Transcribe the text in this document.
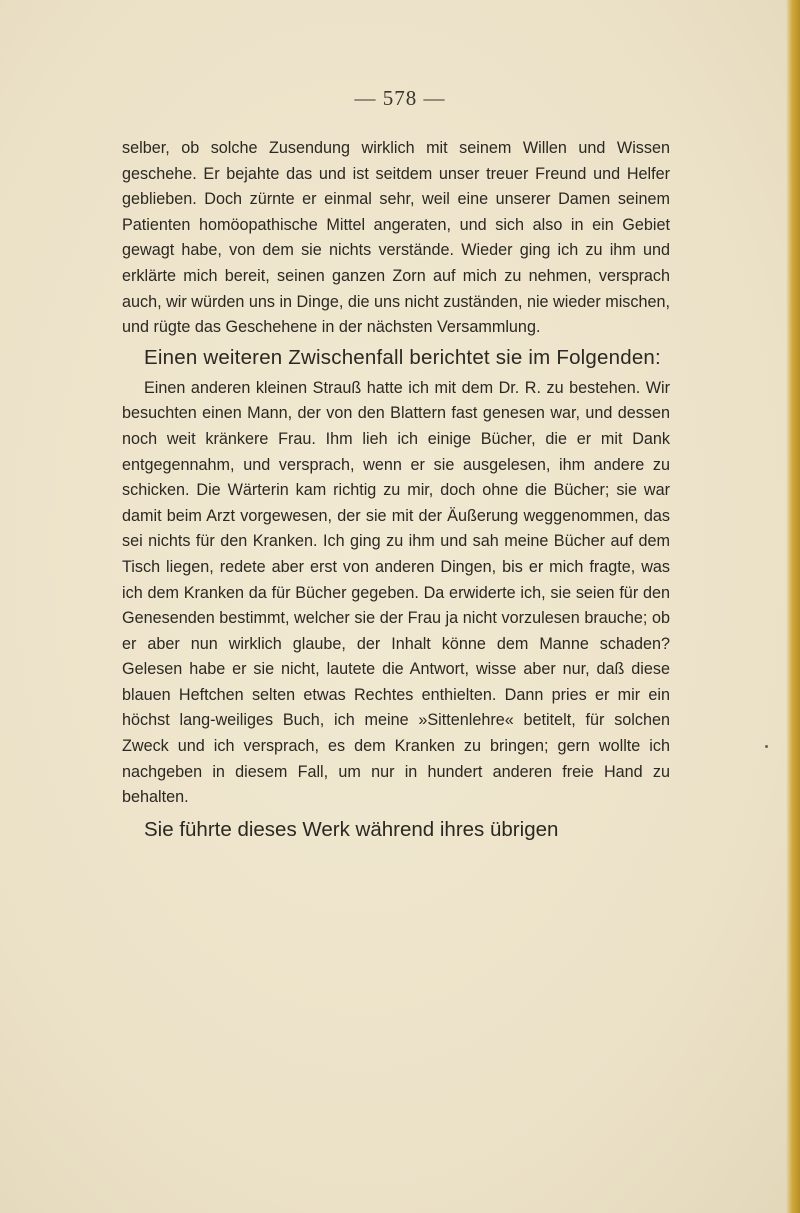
— 578 —

selber, ob solche Zusendung wirklich mit seinem Willen und Wissen geschehe. Er bejahte das und ist seitdem unser treuer Freund und Helfer geblieben. Doch zürnte er einmal sehr, weil eine unserer Damen seinem Patienten homöopathische Mittel angeraten, und sich also in ein Gebiet gewagt habe, von dem sie nichts verstände. Wieder ging ich zu ihm und erklärte mich bereit, seinen ganzen Zorn auf mich zu nehmen, versprach auch, wir würden uns in Dinge, die uns nicht zuständen, nie wieder mischen, und rügte das Geschehene in der nächsten Versammlung.

Einen weiteren Zwischenfall berichtet sie im Folgenden:

Einen anderen kleinen Strauß hatte ich mit dem Dr. R. zu bestehen. Wir besuchten einen Mann, der von den Blattern fast genesen war, und dessen noch weit kränkere Frau. Ihm lieh ich einige Bücher, die er mit Dank entgegennahm, und versprach, wenn er sie ausgelesen, ihm andere zu schicken. Die Wärterin kam richtig zu mir, doch ohne die Bücher; sie war damit beim Arzt vorgewesen, der sie mit der Äußerung weggenommen, das sei nichts für den Kranken. Ich ging zu ihm und sah meine Bücher auf dem Tisch liegen, redete aber erst von anderen Dingen, bis er mich fragte, was ich dem Kranken da für Bücher gegeben. Da erwiderte ich, sie seien für den Genesenden bestimmt, welcher sie der Frau ja nicht vorzulesen brauche; ob er aber nun wirklich glaube, der Inhalt könne dem Manne schaden? Gelesen habe er sie nicht, lautete die Antwort, wisse aber nur, daß diese blauen Heftchen selten etwas Rechtes enthielten. Dann pries er mir ein höchst lang-weiliges Buch, ich meine »Sittenlehre« betitelt, für solchen Zweck und ich versprach, es dem Kranken zu bringen; gern wollte ich nachgeben in diesem Fall, um nur in hundert anderen freie Hand zu behalten.

Sie führte dieses Werk während ihres übrigen
